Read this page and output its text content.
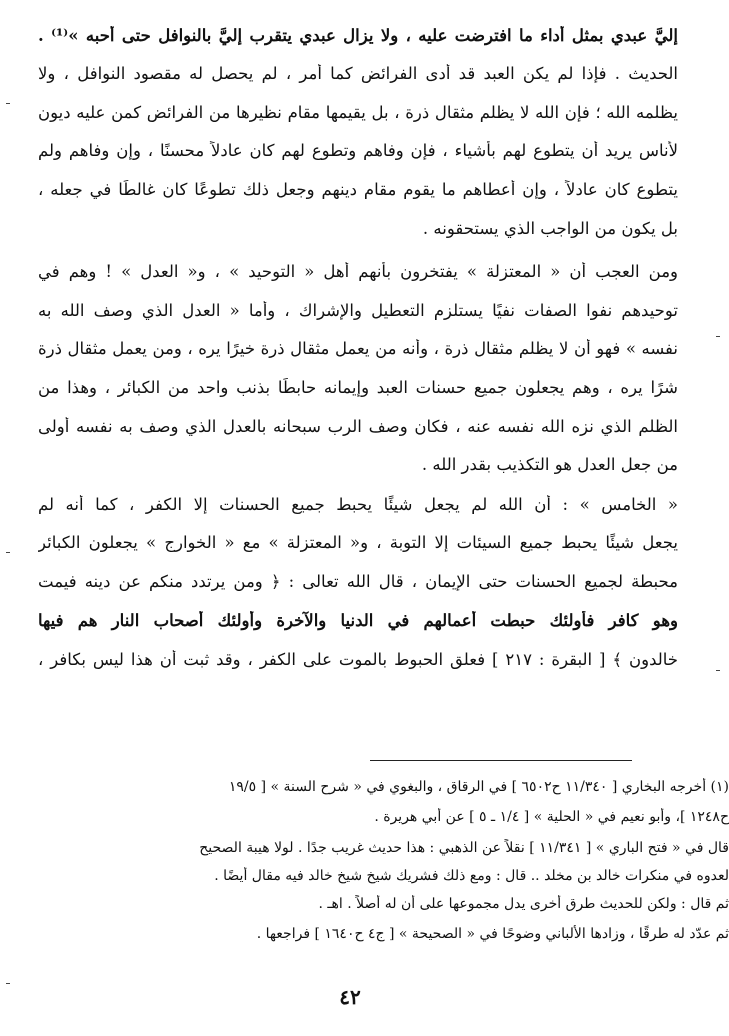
إليَّ عبدي بمثل أداء ما افترضت عليه ، ولا يزال عبدي يتقرب إليَّ بالنوافل حتى أحبه »⁽¹⁾ .
الحديث . فإذا لم يكن العبد قد أدى الفرائض كما أمر ، لم يحصل له مقصود النوافل ، ولا
يظلمه الله ؛ فإن الله لا يظلم مثقال ذرة ، بل يقيمها مقام نظيرها من الفرائض كمن عليه ديون
لأناس يريد أن يتطوع لهم بأشياء ، فإن وفاهم وتطوع لهم كان عادلاً محسنًا ، وإن وفاهم ولم
يتطوع كان عادلاً ، وإن أعطاهم ما يقوم مقام دينهم وجعل ذلك تطوعًا كان غالطًا في جعله ،
بل يكون من الواجب الذي يستحقونه .
ومن العجب أن « المعتزلة » يفتخرون بأنهم أهل « التوحيد » ، و« العدل » ! وهم في
توحيدهم نفوا الصفات نفيًا يستلزم التعطيل والإشراك ، وأما « العدل الذي وصف الله به
نفسه » فهو أن لا يظلم مثقال ذرة ، وأنه من يعمل مثقال ذرة خيرًا يره ، ومن يعمل مثقال ذرة
شرًا يره ، وهم يجعلون جميع حسنات العبد وإيمانه حابطًا بذنب واحد من الكبائر ، وهذا من
الظلم الذي نزه الله نفسه عنه ، فكان وصف الرب سبحانه بالعدل الذي وصف به نفسه أولى
من جعل العدل هو التكذيب بقدر الله .
« الخامس » : أن الله لم يجعل شيئًا يحبط جميع الحسنات إلا الكفر ، كما أنه لم
يجعل شيئًا يحبط جميع السيئات إلا التوبة ، و« المعتزلة » مع « الخوارج » يجعلون الكبائر
محبطة لجميع الحسنات حتى الإيمان ، قال الله تعالى : ﴿ ومن يرتدد منكم عن دينه فيمت
وهو كافر فأولئك حبطت أعمالهم في الدنيا والآخرة وأولئك أصحاب النار هم فيها
خالدون ﴾ [ البقرة : ٢١٧ ] فعلق الحبوط بالموت على الكفر ، وقد ثبت أن هذا ليس بكافر ،
(١) أخرجه البخاري [ ١١/٣٤٠ ح٦٥٠٢ ] في الرقاق ، والبغوي في « شرح السنة » [ ١٩/٥
ح١٢٤٨ ]، وأبو نعيم في « الحلية » [ ١/٤ ـ ٥ ] عن أبي هريرة .
قال في « فتح الباري » [ ١١/٣٤١ ] نقلاً عن الذهبي : هذا حديث غريب جدًا . لولا هيبة الصحيح
لعدوه في منكرات خالد بن مخلد .. قال : ومع ذلك فشريك شيخ شيخ خالد فيه مقال أيضًا .
ثم قال : ولكن للحديث طرق أخرى يدل مجموعها على أن له أصلاً . اهـ .
ثم عدّد له طرقًا ، وزادها الألباني وضوحًا في « الصحيحة » [ ج٤ ح١٦٤٠ ] فراجعها .
٤٢
